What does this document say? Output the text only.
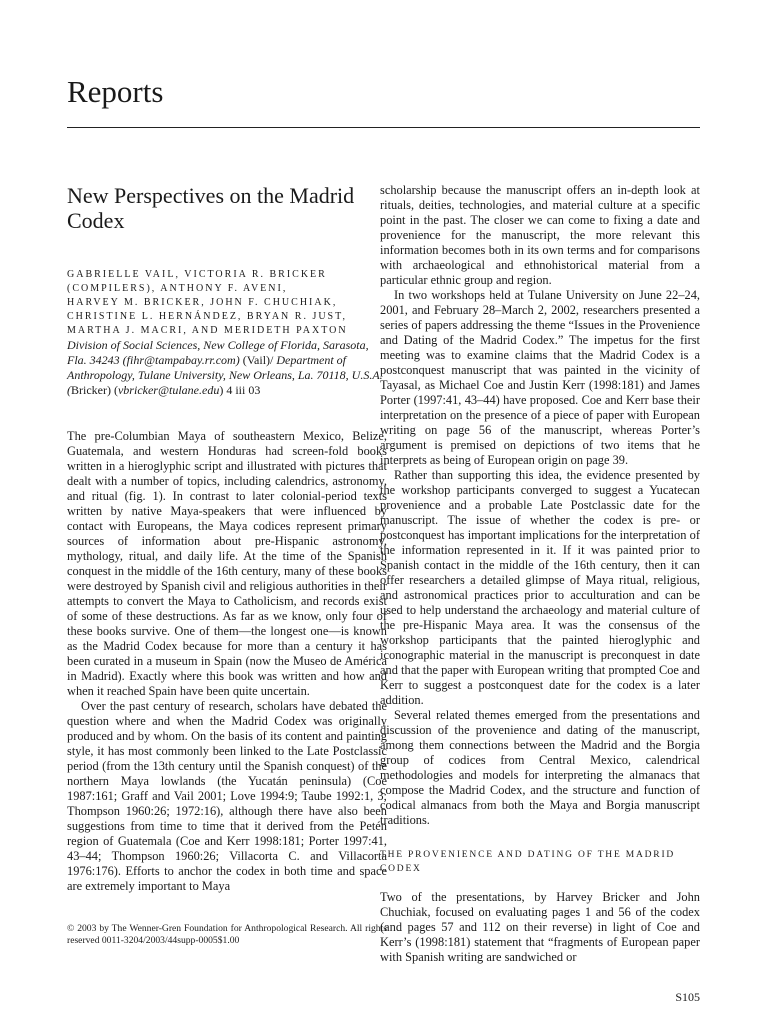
Reports
New Perspectives on the Madrid Codex
GABRIELLE VAIL, VICTORIA R. BRICKER
(COMPILERS), ANTHONY F. AVENI,
HARVEY M. BRICKER, JOHN F. CHUCHIAK,
CHRISTINE L. HERNÁNDEZ, BRYAN R. JUST,
MARTHA J. MACRI, AND MERIDETH PAXTON
Division of Social Sciences, New College of Florida, Sarasota, Fla. 34243 (fihr@tampabay.rr.com) (Vail)/ Department of Anthropology, Tulane University, New Orleans, La. 70118, U.S.A. (Bricker) (vbricker@tulane.edu) 4 iii 03

The pre-Columbian Maya of southeastern Mexico, Belize, Guatemala, and western Honduras had screen-fold books written in a hieroglyphic script and illustrated with pictures that dealt with a number of topics, including calendrics, astronomy, and ritual (fig. 1). In contrast to later colonial-period texts written by native Maya-speakers that were influenced by contact with Europeans, the Maya codices represent primary sources of information about pre-Hispanic astronomy, mythology, ritual, and daily life. At the time of the Spanish conquest in the middle of the 16th century, many of these books were destroyed by Spanish civil and religious authorities in their attempts to convert the Maya to Catholicism, and records exist of some of these destructions. As far as we know, only four of these books survive. One of them—the longest one—is known as the Madrid Codex because for more than a century it has been curated in a museum in Spain (now the Museo de América in Madrid). Exactly where this book was written and how and when it reached Spain have been quite uncertain.

Over the past century of research, scholars have debated the question where and when the Madrid Codex was originally produced and by whom. On the basis of its content and painting style, it has most commonly been linked to the Late Postclassic period (from the 13th century until the Spanish conquest) of the northern Maya lowlands (the Yucatán peninsula) (Coe 1987:161; Graff and Vail 2001; Love 1994:9; Taube 1992:1, 3; Thompson 1960:26; 1972:16), although there have also been suggestions from time to time that it derived from the Petén region of Guatemala (Coe and Kerr 1998:181; Porter 1997:41, 43–44; Thompson 1960:26; Villacorta C. and Villacorta 1976:176). Efforts to anchor the codex in both time and space are extremely important to Maya

scholarship because the manuscript offers an in-depth look at rituals, deities, technologies, and material culture at a specific point in the past. The closer we can come to fixing a date and provenience for the manuscript, the more relevant this information becomes both in its own terms and for comparisons with archaeological and ethnohistorical material from a particular ethnic group and region.

In two workshops held at Tulane University on June 22–24, 2001, and February 28–March 2, 2002, researchers presented a series of papers addressing the theme “Issues in the Provenience and Dating of the Madrid Codex.” The impetus for the first meeting was to examine claims that the Madrid Codex is a postconquest manuscript that was painted in the vicinity of Tayasal, as Michael Coe and Justin Kerr (1998:181) and James Porter (1997:41, 43–44) have proposed. Coe and Kerr base their interpretation on the presence of a piece of paper with European writing on page 56 of the manuscript, whereas Porter’s argument is premised on depictions of two items that he interprets as being of European origin on page 39.

Rather than supporting this idea, the evidence presented by the workshop participants converged to suggest a Yucatecan provenience and a probable Late Postclassic date for the manuscript. The issue of whether the codex is pre- or postconquest has important implications for the interpretation of the information represented in it. If it was painted prior to Spanish contact in the middle of the 16th century, then it can offer researchers a detailed glimpse of Maya ritual, religious, and astronomical practices prior to acculturation and can be used to help understand the archaeology and material culture of the pre-Hispanic Maya area. It was the consensus of the workshop participants that the painted hieroglyphic and iconographic material in the manuscript is preconquest in date and that the paper with European writing that prompted Coe and Kerr to suggest a postconquest date for the codex is a later addition.

Several related themes emerged from the presentations and discussion of the provenience and dating of the manuscript, among them connections between the Madrid and the Borgia group of codices from Central Mexico, calendrical methodologies and models for interpreting the almanacs that compose the Madrid Codex, and the structure and function of codical almanacs from both the Maya and Borgia manuscript traditions.

THE PROVENIENCE AND DATING OF THE MADRID CODEX

Two of the presentations, by Harvey Bricker and John Chuchiak, focused on evaluating pages 1 and 56 of the codex (and pages 57 and 112 on their reverse) in light of Coe and Kerr’s (1998:181) statement that “fragments of European paper with Spanish writing are sandwiched or

© 2003 by The Wenner-Gren Foundation for Anthropological Research. All rights reserved 0011-3204/2003/44supp-0005$1.00
S105
